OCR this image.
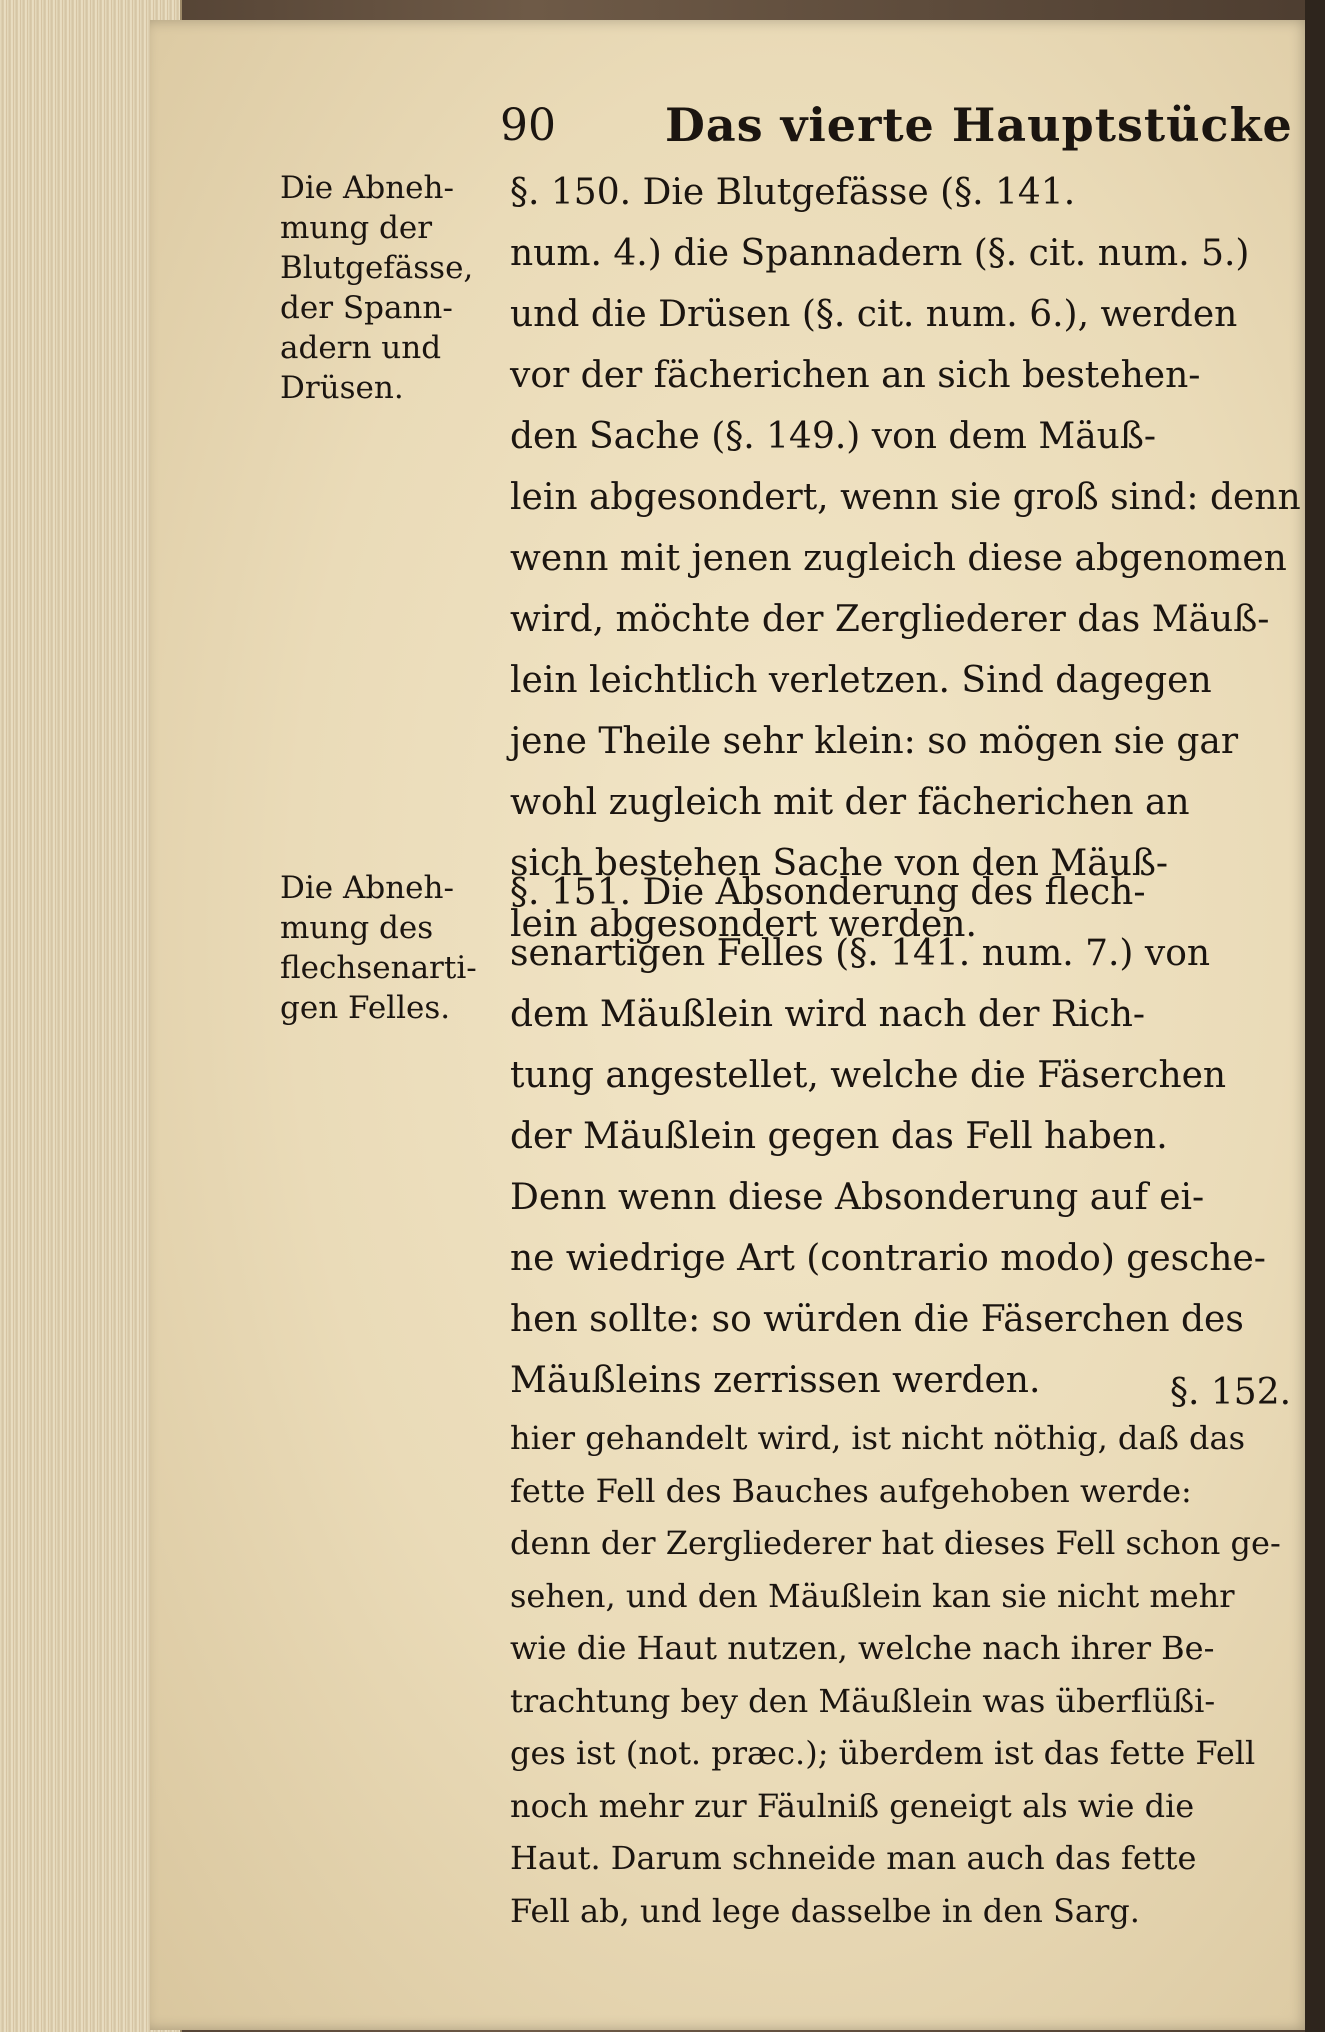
90 Das vierte Hauptstücke
Die Abneh-
mung der
Blutgefässe,
der Spann-
adern und
Drüsen.
§. 150. Die Blutgefässe (§. 141.
num. 4.) die Spannadern (§. cit. num. 5.)
und die Drüsen (§. cit. num. 6.), werden
vor der fächerichen an sich bestehen-
den Sache (§. 149.) von dem Mäuß-
lein abgesondert, wenn sie groß sind: denn
wenn mit jenen zugleich diese abgenomen
wird, möchte der Zergliederer das Mäuß-
lein leichtlich verletzen. Sind dagegen
jene Theile sehr klein: so mögen sie gar
wohl zugleich mit der fächerichen an
sich bestehen Sache von den Mäuß-
lein abgesondert werden.
Die Abneh-
mung des
flechsenarti-
gen Felles.
§. 151. Die Absonderung des flech-
senartigen Felles (§. 141. num. 7.) von
dem Mäußlein wird nach der Rich-
tung angestellet, welche die Fäserchen
der Mäußlein gegen das Fell haben.
Denn wenn diese Absonderung auf ei-
ne wiedrige Art (contrario modo) gesche-
hen sollte: so würden die Fäserchen des
Mäußleins zerrissen werden.	§. 152.
hier gehandelt wird, ist nicht nöthig, daß das
fette Fell des Bauches aufgehoben werde:
denn der Zergliederer hat dieses Fell schon ge-
sehen, und den Mäußlein kan sie nicht mehr
wie die Haut nutzen, welche nach ihrer Be-
trachtung bey den Mäußlein was überflüßi-
ges ist (not. præc.); überdem ist das fette Fell
noch mehr zur Fäulniß geneigt als wie die
Haut. Darum schneide man auch das fette
Fell ab, und lege dasselbe in den Sarg.
